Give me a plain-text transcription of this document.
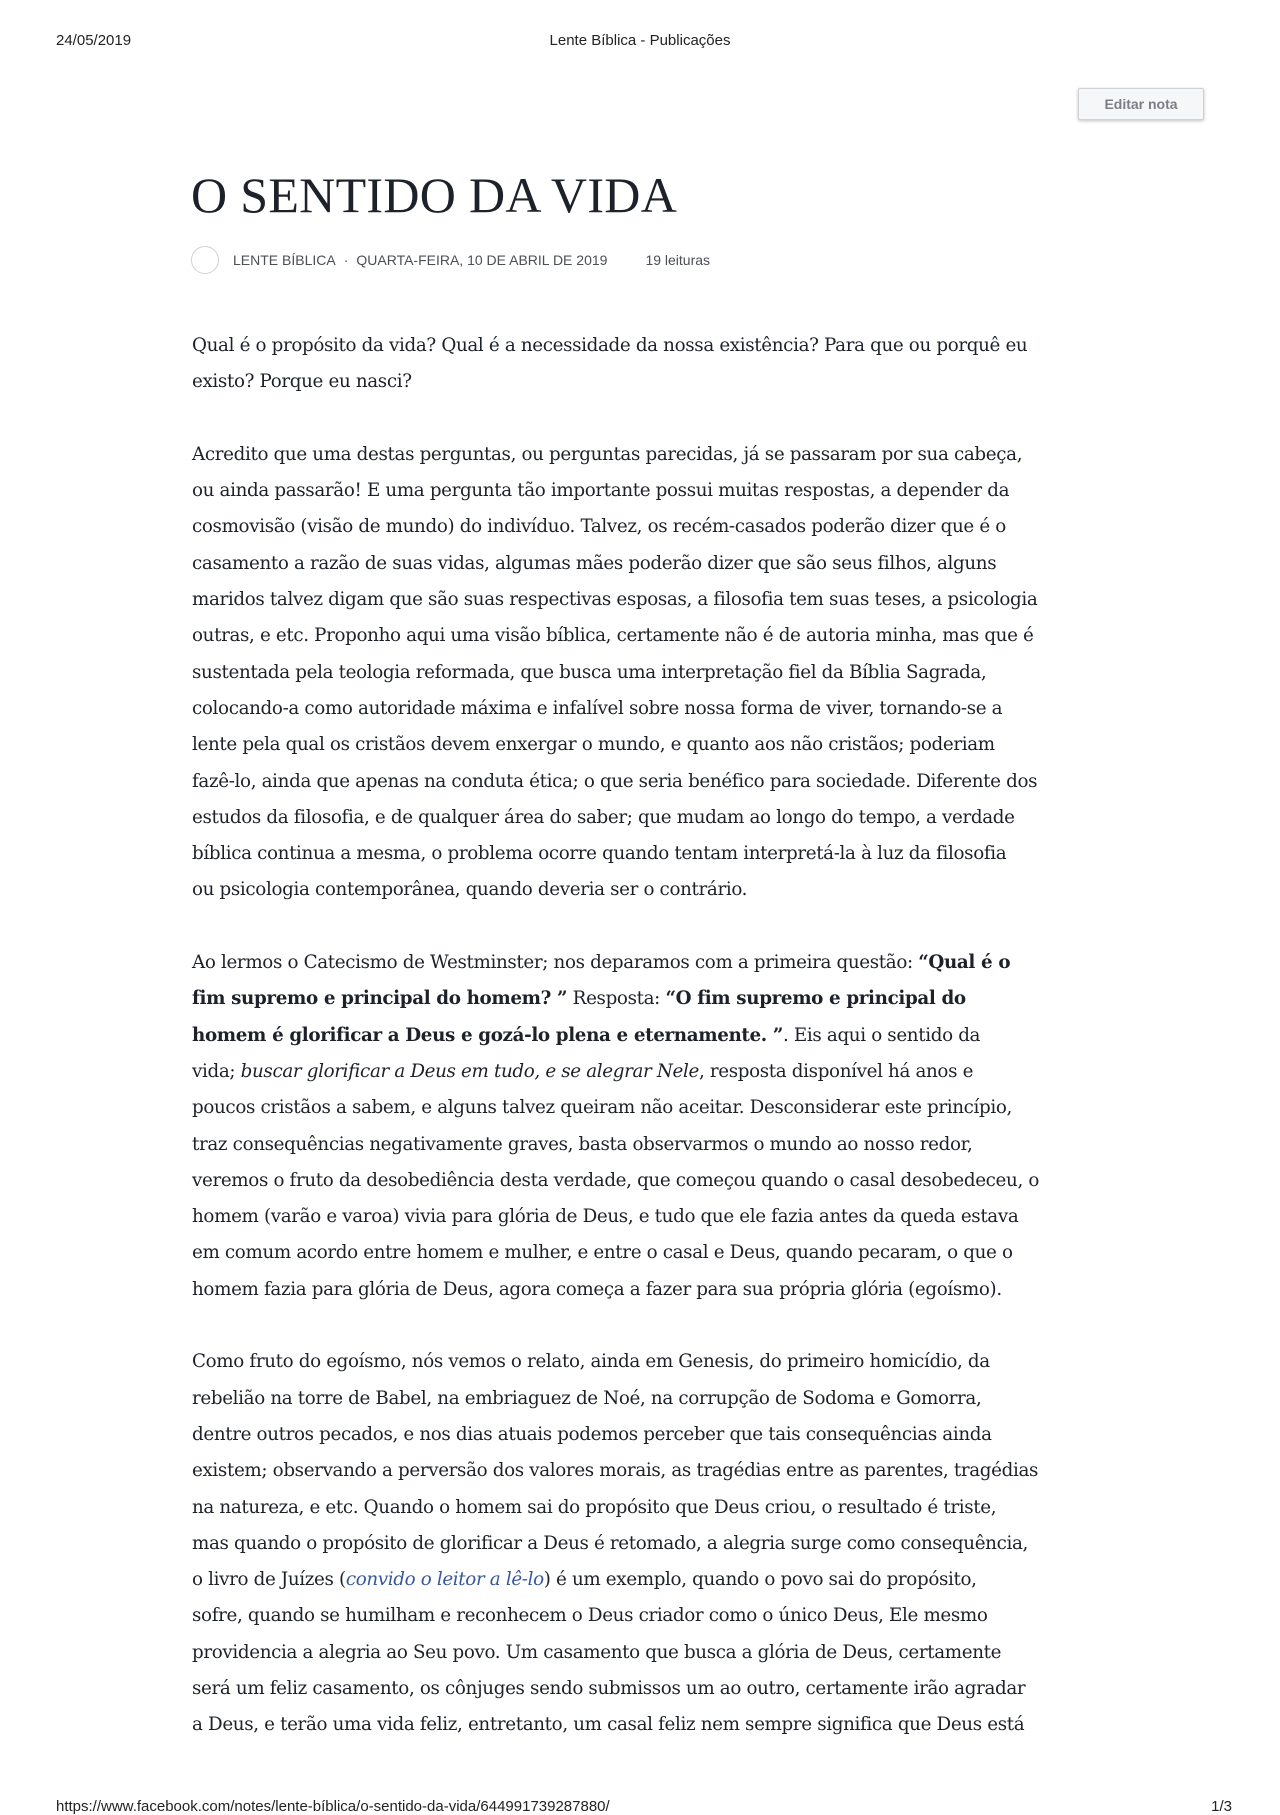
24/05/2019	Lente Bíblica - Publicações
Editar nota
O SENTIDO DA VIDA
LENTE BÍBLICA · QUARTA-FEIRA, 10 DE ABRIL DE 2019	19 leituras

Qual é o propósito da vida? Qual é a necessidade da nossa existência? Para que ou porquê eu
existo? Porque eu nasci?

Acredito que uma destas perguntas, ou perguntas parecidas, já se passaram por sua cabeça,
ou ainda passarão! E uma pergunta tão importante possui muitas respostas, a depender da
cosmovisão (visão de mundo) do indivíduo. Talvez, os recém-casados poderão dizer que é o
casamento a razão de suas vidas, algumas mães poderão dizer que são seus filhos, alguns
maridos talvez digam que são suas respectivas esposas, a filosofia tem suas teses, a psicologia
outras, e etc. Proponho aqui uma visão bíblica, certamente não é de autoria minha, mas que é
sustentada pela teologia reformada, que busca uma interpretação fiel da Bíblia Sagrada,
colocando-a como autoridade máxima e infalível sobre nossa forma de viver, tornando-se a
lente pela qual os cristãos devem enxergar o mundo, e quanto aos não cristãos; poderiam
fazê-lo, ainda que apenas na conduta ética; o que seria benéfico para sociedade. Diferente dos
estudos da filosofia, e de qualquer área do saber; que mudam ao longo do tempo, a verdade
bíblica continua a mesma, o problema ocorre quando tentam interpretá-la à luz da filosofia
ou psicologia contemporânea, quando deveria ser o contrário.

Ao lermos o Catecismo de Westminster; nos deparamos com a primeira questão: “Qual é o
fim supremo e principal do homem? ” Resposta: “O fim supremo e principal do
homem é glorificar a Deus e gozá-lo plena e eternamente. ”. Eis aqui o sentido da
vida; buscar glorificar a Deus em tudo, e se alegrar Nele, resposta disponível há anos e
poucos cristãos a sabem, e alguns talvez queiram não aceitar. Desconsiderar este princípio,
traz consequências negativamente graves, basta observarmos o mundo ao nosso redor,
veremos o fruto da desobediência desta verdade, que começou quando o casal desobedeceu, o
homem (varão e varoa) vivia para glória de Deus, e tudo que ele fazia antes da queda estava
em comum acordo entre homem e mulher, e entre o casal e Deus, quando pecaram, o que o
homem fazia para glória de Deus, agora começa a fazer para sua própria glória (egoísmo).

Como fruto do egoísmo, nós vemos o relato, ainda em Genesis, do primeiro homicídio, da
rebelião na torre de Babel, na embriaguez de Noé, na corrupção de Sodoma e Gomorra,
dentre outros pecados, e nos dias atuais podemos perceber que tais consequências ainda
existem; observando a perversão dos valores morais, as tragédias entre as parentes, tragédias
na natureza, e etc. Quando o homem sai do propósito que Deus criou, o resultado é triste,
mas quando o propósito de glorificar a Deus é retomado, a alegria surge como consequência,
o livro de Juízes (convido o leitor a lê-lo) é um exemplo, quando o povo sai do propósito,
sofre, quando se humilham e reconhecem o Deus criador como o único Deus, Ele mesmo
providencia a alegria ao Seu povo. Um casamento que busca a glória de Deus, certamente
será um feliz casamento, os cônjuges sendo submissos um ao outro, certamente irão agradar
a Deus, e terão uma vida feliz, entretanto, um casal feliz nem sempre significa que Deus está

https://www.facebook.com/notes/lente-bíblica/o-sentido-da-vida/644991739287880/	1/3
